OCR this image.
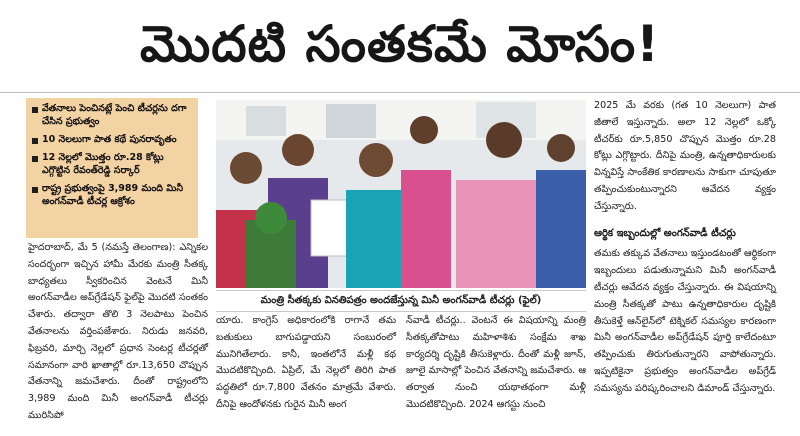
మొదటి సంతకమే మోసం!
వేతనాలు పెంచినట్లే పెంచి టీచర్లను దగా చేసిన ప్రభుత్వం
10 నెలలుగా పాత కథే పునరావృతం
12 నెల్లలో మొత్తం రూ.28 కోట్లు ఎగ్గొట్టిన రేవంత్‌రెడ్డి సర్కార్‌
రాష్ట్ర ప్రభుత్వంపై 3,989 మంది మినీ అంగన్‌వాడీ టీచర్ల ఆక్రోశం
మంత్రి సీతక్కకు వినతిపత్రం అందజేస్తున్న మినీ అంగన్‌వాడీ టీచర్లు (ఫైల్‌)

హైదరాబాద్‌, మే 5 (నమస్తే తెలంగాణ): ఎన్నికల సందర్భంగా ఇచ్చిన హామీ మేరకు మంత్రి సీతక్క బాధ్యతలు స్వీకరించిన వెంటనే మినీ అంగన్‌వాడీల అప్‌గ్రేడేషన్‌ ఫైల్‌పై మొదటి సంతకం చేశారు. తద్వారా తొలి 3 నెలపాటు పెంచిన వేతనాలను వర్తింపజేశారు. నిరుడు జనవరి, ఫిబ్రవరి, మార్చి నెల్లలో ప్రధాన సెంటర్ల టీచర్లతో సమానంగా వారి ఖాతాల్లో రూ.13,650 చొప్పున వేతనాన్ని జమచేశారు. దీంతో రాష్ట్రంలోని 3,989 మంది మినీ అంగన్‌వాడీ టీచర్లు మురిసిపో

యారు. కాంగ్రెస్‌ అధికారంలోకి రాగానే తమ బతుకులు బాగుపడ్డాయని సంబురంలో మునిగితేలారు. కానీ, ఇంతలోనే మళ్లీ కథ మొదటికొచ్చింది. ఏప్రిల్‌, మే నెల్లలో తిరిగి పాత పద్ధతిలో రూ.7,800 వేతనం మాత్రమే వేశారు. దీనిపై ఆందోళనకు గురైన మినీ అంగ

న్‌వాడీ టీచర్లు.. వెంటనే ఈ విషయాన్ని మంత్రి సీతక్కతోపాటు మహిళాశిశు సంక్షేమ శాఖ కార్యదర్శి దృష్టికి తీసుకెళ్లారు. దీంతో మళ్లీ జూన్‌, జూలై మాసాల్లో పెంచిన వేతనాన్ని జమచేశారు. ఆ తర్వాత నుంచి యథాతథంగా మళ్లీ మొదటికొచ్చింది. 2024 ఆగస్టు నుంచి

2025 మే వరకు (గత 10 నెలలుగా) పాత జీతాలే ఇస్తున్నారు. అలా 12 నెల్లలో ఒక్కో టీచర్‌కు రూ.5,850 చొప్పున మొత్తం రూ.28 కోట్లు ఎగ్గొట్టారు. దీనిపై మంత్రి, ఉన్నతాధికారులకు విన్నవిస్తే సాంకేతిక కారణాలను సాకుగా చూపుతూ తప్పించుకుంటున్నారని ఆవేదన వ్యక్తం చేస్తున్నారు.

ఆర్థిక ఇబ్బందుల్లో అంగన్‌వాడీ టీచర్లు

తమకు తక్కువ వేతనాలు ఇస్తుండటంతో ఆర్థికంగా ఇబ్బందులు పడుతున్నామని మినీ అంగన్‌వాడీ టీచర్లు ఆవేదన వ్యక్తం చేస్తున్నారు. ఈ విషయాన్ని మంత్రి సీతక్కతో పాటు ఉన్నతాధికారుల దృష్టికి తీసుకెళ్తే ఆన్‌లైన్‌లో టెక్నికల్‌ సమస్యల కారణంగా మినీ అంగన్‌వాడీల అప్‌గ్రేడేషన్‌ పూర్తి కాలేదంటూ తప్పించుకు తిరుగుతున్నారని వాపోతున్నారు. ఇప్పటికైనా ప్రభుత్వం అంగన్‌వాడీల అప్‌గ్రేడ్‌ సమస్యను పరిష్కరించాలని డిమాండ్‌ చేస్తున్నారు.
